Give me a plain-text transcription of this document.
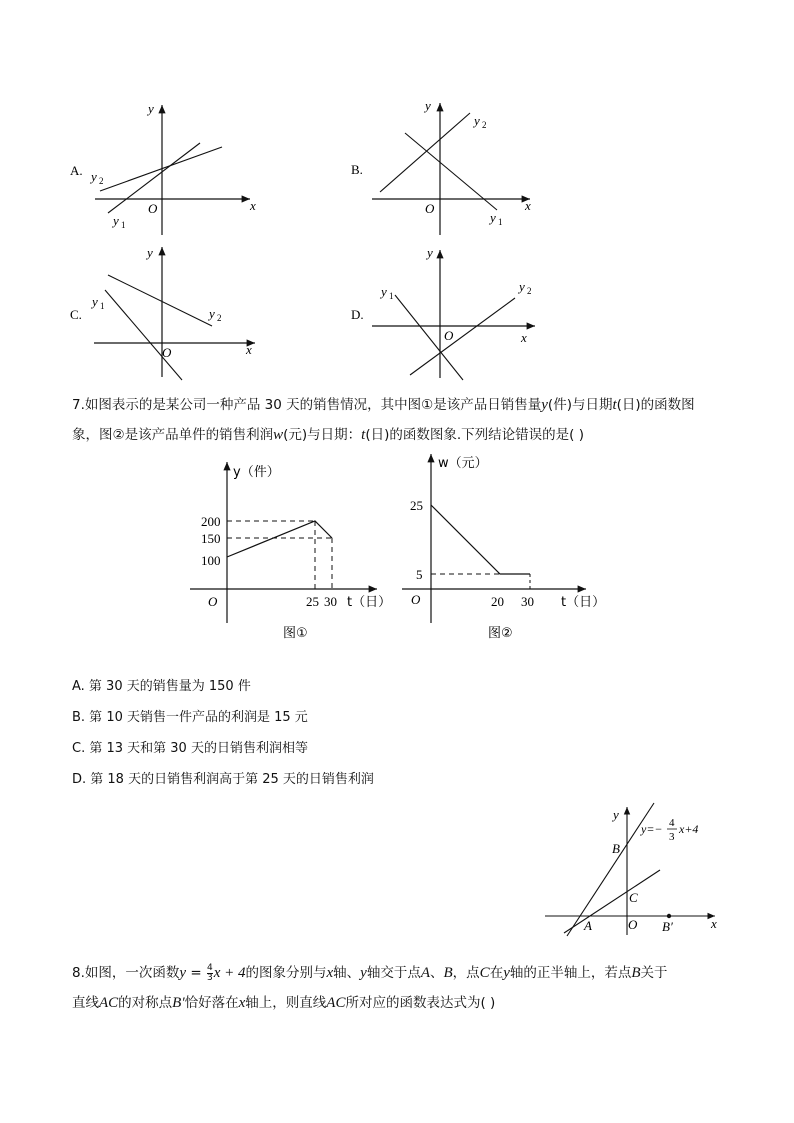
A.
y
x
O
y 2
y 1
B.
y
x
O
y 2
y 1
C.
y
x
O
y 1	y 2	D.
y
x
O
y 1
y 2
7.如图表示的是某公司一种产品 30 天的销售情况，其中图①是该产品日销售量y(件)与日期t(日)的函数图
象，图②是该产品单件的销售利润w(元)与日期：t(日)的函数图象.下列结论错误的是( )
y（件）
200
150
100
O	25 30 t（日）
图①
w（元）
25
5
O	20 30 t（日）
图②
A. 第 30 天的销售量为 150 件
B. 第 10 天销售一件产品的利润是 15 元
C. 第 13 天和第 30 天的日销售利润相等
D. 第 18 天的日销售利润高于第 25 天的日销售利润
y
x
O
A
B
C
B′
y=− 4
3
x+4
8.如图，一次函数$y = \frac{4}{3}$ x + 4的图象分别与x轴、y轴交于点A、B，点C在y轴的正半轴上，若点B关于
直线AC的对称点B′恰好落在x轴上，则直线AC所对应的函数表达式为( )
